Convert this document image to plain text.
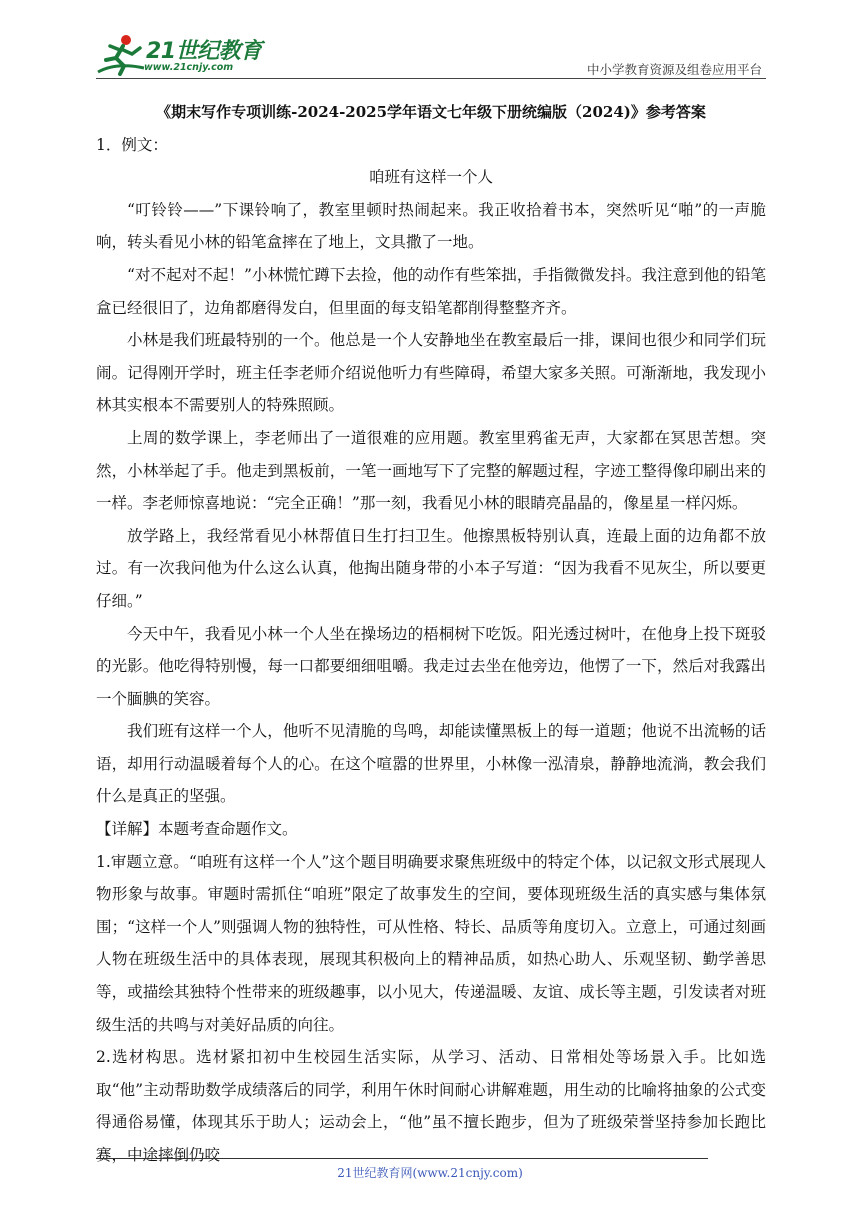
21世纪教育
www.21cnjy.com	中小学教育资源及组卷应用平台

《期末写作专项训练-2024-2025学年语文七年级下册统编版（2024)》参考答案

1．例文：

咱班有这样一个人

“叮铃铃——”下课铃响了，教室里顿时热闹起来。我正收拾着书本，突然听见“啪”的一声脆响，转头看见小林的铅笔盒摔在了地上，文具撒了一地。

“对不起对不起！”小林慌忙蹲下去捡，他的动作有些笨拙，手指微微发抖。我注意到他的铅笔盒已经很旧了，边角都磨得发白，但里面的每支铅笔都削得整整齐齐。

小林是我们班最特别的一个。他总是一个人安静地坐在教室最后一排，课间也很少和同学们玩闹。记得刚开学时，班主任李老师介绍说他听力有些障碍，希望大家多关照。可渐渐地，我发现小林其实根本不需要别人的特殊照顾。

上周的数学课上，李老师出了一道很难的应用题。教室里鸦雀无声，大家都在冥思苦想。突然，小林举起了手。他走到黑板前，一笔一画地写下了完整的解题过程，字迹工整得像印刷出来的一样。李老师惊喜地说：“完全正确！”那一刻，我看见小林的眼睛亮晶晶的，像星星一样闪烁。

放学路上，我经常看见小林帮值日生打扫卫生。他擦黑板特别认真，连最上面的边角都不放过。有一次我问他为什么这么认真，他掏出随身带的小本子写道：“因为我看不见灰尘，所以要更仔细。”

今天中午，我看见小林一个人坐在操场边的梧桐树下吃饭。阳光透过树叶，在他身上投下斑驳的光影。他吃得特别慢，每一口都要细细咀嚼。我走过去坐在他旁边，他愣了一下，然后对我露出一个腼腆的笑容。

我们班有这样一个人，他听不见清脆的鸟鸣，却能读懂黑板上的每一道题；他说不出流畅的话语，却用行动温暖着每个人的心。在这个喧嚣的世界里，小林像一泓清泉，静静地流淌，教会我们什么是真正的坚强。

【详解】本题考查命题作文。

1.审题立意。“咱班有这样一个人”这个题目明确要求聚焦班级中的特定个体，以记叙文形式展现人物形象与故事。审题时需抓住“咱班”限定了故事发生的空间，要体现班级生活的真实感与集体氛围；“这样一个人”则强调人物的独特性，可从性格、特长、品质等角度切入。立意上，可通过刻画人物在班级生活中的具体表现，展现其积极向上的精神品质，如热心助人、乐观坚韧、勤学善思等，或描绘其独特个性带来的班级趣事，以小见大，传递温暖、友谊、成长等主题，引发读者对班级生活的共鸣与对美好品质的向往。

2.选材构思。选材紧扣初中生校园生活实际，从学习、活动、日常相处等场景入手。比如选取“他”主动帮助数学成绩落后的同学，利用午休时间耐心讲解难题，用生动的比喻将抽象的公式变得通俗易懂，体现其乐于助人；运动会上，“他”虽不擅长跑步，但为了班级荣誉坚持参加长跑比赛，中途摔倒仍咬

21世纪教育网(www.21cnjy.com)
